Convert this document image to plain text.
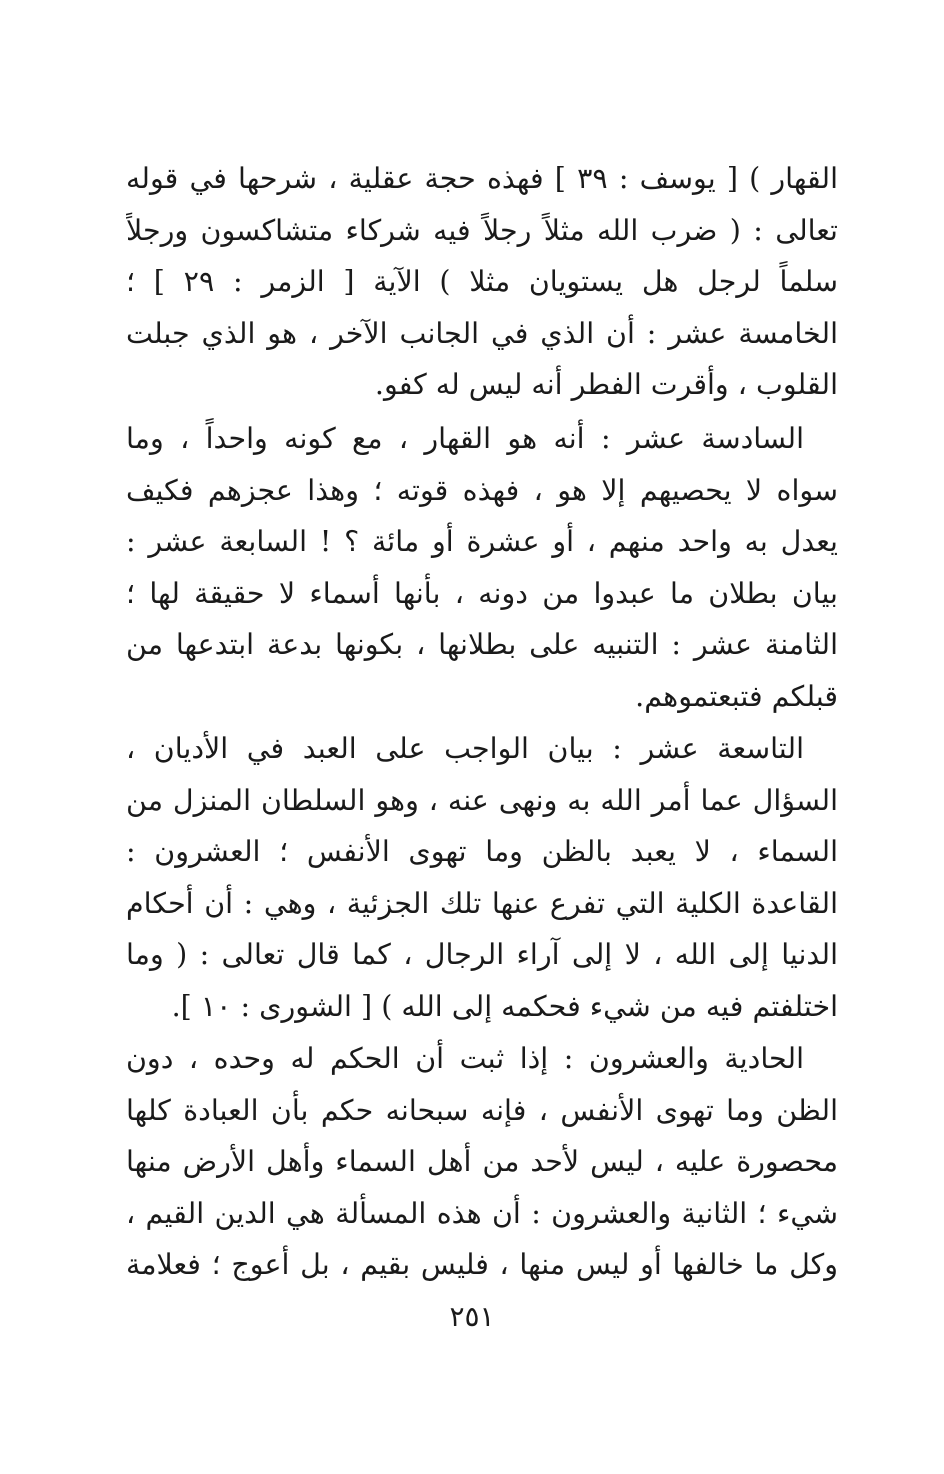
القهار ) [ يوسف : ٣٩ ] فهذه حجة عقلية ، شرحها في قوله
تعالى : ( ضرب الله مثلاً رجلاً فيه شركاء متشاكسون ورجلاً
سلماً لرجل هل يستويان مثلا ) الآية [ الزمر : ٢٩ ] ؛
الخامسة عشر : أن الذي في الجانب الآخر ، هو الذي جبلت
القلوب ، وأقرت الفطر أنه ليس له كفو.

السادسة عشر : أنه هو القهار ، مع كونه واحداً ، وما
سواه لا يحصيهم إلا هو ، فهذه قوته ؛ وهذا عجزهم فكيف
يعدل به واحد منهم ، أو عشرة أو مائة ؟ ! السابعة عشر :
بيان بطلان ما عبدوا من دونه ، بأنها أسماء لا حقيقة لها ؛
الثامنة عشر : التنبيه على بطلانها ، بكونها بدعة ابتدعها من
قبلكم فتبعتموهم.

التاسعة عشر : بيان الواجب على العبد في الأديان ،
السؤال عما أمر الله به ونهى عنه ، وهو السلطان المنزل من
السماء ، لا يعبد بالظن وما تهوى الأنفس ؛ العشرون :
القاعدة الكلية التي تفرع عنها تلك الجزئية ، وهي : أن أحكام
الدنيا إلى الله ، لا إلى آراء الرجال ، كما قال تعالى : ( وما
اختلفتم فيه من شيء فحكمه إلى الله ) [ الشورى : ١٠ ].

الحادية والعشرون : إذا ثبت أن الحكم له وحده ، دون
الظن وما تهوى الأنفس ، فإنه سبحانه حكم بأن العبادة كلها
محصورة عليه ، ليس لأحد من أهل السماء وأهل الأرض منها
شيء ؛ الثانية والعشرون : أن هذه المسألة هي الدين القيم ،
وكل ما خالفها أو ليس منها ، فليس بقيم ، بل أعوج ؛ فعلامة

٢٥١
